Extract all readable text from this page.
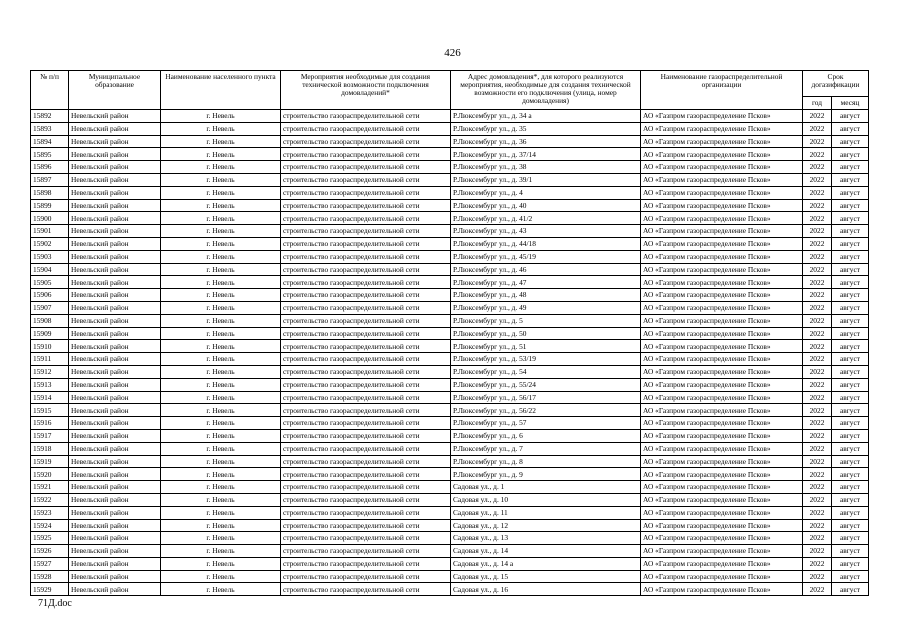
426
№ п/п	Муниципальное образование	Наименование населенного пункта	Мероприятия необходимые для создания технической возможности подключения домовладений*	Адрес домовладения*, для которого реализуются мероприятия, необходимые для создания технической возможности его подключения (улица, номер домовладения)	Наименование газораспределительной организации	Срок догазификации	
						год	месяц
15892	Невельский район	г. Невель	строительство газораспределительной сети	Р.Люксембург ул., д. 34 а	АО «Газпром газораспределение Псков»	2022	август
15893	Невельский район	г. Невель	строительство газораспределительной сети	Р.Люксембург ул., д. 35	АО «Газпром газораспределение Псков»	2022	август
15894	Невельский район	г. Невель	строительство газораспределительной сети	Р.Люксембург ул., д. 36	АО «Газпром газораспределение Псков»	2022	август
15895	Невельский район	г. Невель	строительство газораспределительной сети	Р.Люксембург ул., д. 37/14	АО «Газпром газораспределение Псков»	2022	август
15896	Невельский район	г. Невель	строительство газораспределительной сети	Р.Люксембург ул., д. 38	АО «Газпром газораспределение Псков»	2022	август
15897	Невельский район	г. Невель	строительство газораспределительной сети	Р.Люксембург ул., д. 39/1	АО «Газпром газораспределение Псков»	2022	август
15898	Невельский район	г. Невель	строительство газораспределительной сети	Р.Люксембург ул., д. 4	АО «Газпром газораспределение Псков»	2022	август
15899	Невельский район	г. Невель	строительство газораспределительной сети	Р.Люксембург ул., д. 40	АО «Газпром газораспределение Псков»	2022	август
15900	Невельский район	г. Невель	строительство газораспределительной сети	Р.Люксембург ул., д. 41/2	АО «Газпром газораспределение Псков»	2022	август
15901	Невельский район	г. Невель	строительство газораспределительной сети	Р.Люксембург ул., д. 43	АО «Газпром газораспределение Псков»	2022	август
15902	Невельский район	г. Невель	строительство газораспределительной сети	Р.Люксембург ул., д. 44/18	АО «Газпром газораспределение Псков»	2022	август
15903	Невельский район	г. Невель	строительство газораспределительной сети	Р.Люксембург ул., д. 45/19	АО «Газпром газораспределение Псков»	2022	август
15904	Невельский район	г. Невель	строительство газораспределительной сети	Р.Люксембург ул., д. 46	АО «Газпром газораспределение Псков»	2022	август
15905	Невельский район	г. Невель	строительство газораспределительной сети	Р.Люксембург ул., д. 47	АО «Газпром газораспределение Псков»	2022	август
15906	Невельский район	г. Невель	строительство газораспределительной сети	Р.Люксембург ул., д. 48	АО «Газпром газораспределение Псков»	2022	август
15907	Невельский район	г. Невель	строительство газораспределительной сети	Р.Люксембург ул., д. 49	АО «Газпром газораспределение Псков»	2022	август
15908	Невельский район	г. Невель	строительство газораспределительной сети	Р.Люксембург ул., д. 5	АО «Газпром газораспределение Псков»	2022	август
15909	Невельский район	г. Невель	строительство газораспределительной сети	Р.Люксембург ул., д. 50	АО «Газпром газораспределение Псков»	2022	август
15910	Невельский район	г. Невель	строительство газораспределительной сети	Р.Люксембург ул., д. 51	АО «Газпром газораспределение Псков»	2022	август
15911	Невельский район	г. Невель	строительство газораспределительной сети	Р.Люксембург ул., д. 53/19	АО «Газпром газораспределение Псков»	2022	август
15912	Невельский район	г. Невель	строительство газораспределительной сети	Р.Люксембург ул., д. 54	АО «Газпром газораспределение Псков»	2022	август
15913	Невельский район	г. Невель	строительство газораспределительной сети	Р.Люксембург ул., д. 55/24	АО «Газпром газораспределение Псков»	2022	август
15914	Невельский район	г. Невель	строительство газораспределительной сети	Р.Люксембург ул., д. 56/17	АО «Газпром газораспределение Псков»	2022	август
15915	Невельский район	г. Невель	строительство газораспределительной сети	Р.Люксембург ул., д. 56/22	АО «Газпром газораспределение Псков»	2022	август
15916	Невельский район	г. Невель	строительство газораспределительной сети	Р.Люксембург ул., д. 57	АО «Газпром газораспределение Псков»	2022	август
15917	Невельский район	г. Невель	строительство газораспределительной сети	Р.Люксембург ул., д. 6	АО «Газпром газораспределение Псков»	2022	август
15918	Невельский район	г. Невель	строительство газораспределительной сети	Р.Люксембург ул., д. 7	АО «Газпром газораспределение Псков»	2022	август
15919	Невельский район	г. Невель	строительство газораспределительной сети	Р.Люксембург ул., д. 8	АО «Газпром газораспределение Псков»	2022	август
15920	Невельский район	г. Невель	строительство газораспределительной сети	Р.Люксембург ул., д. 9	АО «Газпром газораспределение Псков»	2022	август
15921	Невельский район	г. Невель	строительство газораспределительной сети	Садовая ул., д. 1	АО «Газпром газораспределение Псков»	2022	август
15922	Невельский район	г. Невель	строительство газораспределительной сети	Садовая ул., д. 10	АО «Газпром газораспределение Псков»	2022	август
15923	Невельский район	г. Невель	строительство газораспределительной сети	Садовая ул., д. 11	АО «Газпром газораспределение Псков»	2022	август
15924	Невельский район	г. Невель	строительство газораспределительной сети	Садовая ул., д. 12	АО «Газпром газораспределение Псков»	2022	август
15925	Невельский район	г. Невель	строительство газораспределительной сети	Садовая ул., д. 13	АО «Газпром газораспределение Псков»	2022	август
15926	Невельский район	г. Невель	строительство газораспределительной сети	Садовая ул., д. 14	АО «Газпром газораспределение Псков»	2022	август
15927	Невельский район	г. Невель	строительство газораспределительной сети	Садовая ул., д. 14 а	АО «Газпром газораспределение Псков»	2022	август
15928	Невельский район	г. Невель	строительство газораспределительной сети	Садовая ул., д. 15	АО «Газпром газораспределение Псков»	2022	август
15929	Невельский район	г. Невель	строительство газораспределительной сети	Садовая ул., д. 16	АО «Газпром газораспределение Псков»	2022	август
71Д.doc
